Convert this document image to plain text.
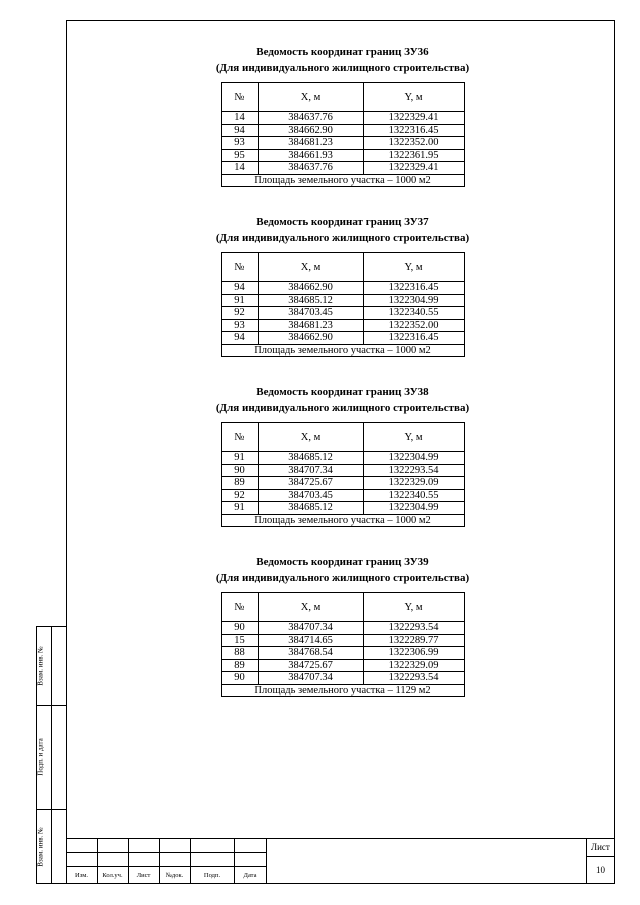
Взам. инв. №
Подп. и дата
Взам. инв. №
Ведомость координат границ ЗУ36
(Для индивидуального жилищного строительства)
№	X, м	Y, м
14	384637.76	1322329.41
94	384662.90	1322316.45
93	384681.23	1322352.00
95	384661.93	1322361.95
14	384637.76	1322329.41
Площадь земельного участка – 1000 м2		
Ведомость координат границ ЗУ37
(Для индивидуального жилищного строительства)
№	X, м	Y, м
94	384662.90	1322316.45
91	384685.12	1322304.99
92	384703.45	1322340.55
93	384681.23	1322352.00
94	384662.90	1322316.45
Площадь земельного участка – 1000 м2		
Ведомость координат границ ЗУ38
(Для индивидуального жилищного строительства)
№	X, м	Y, м
91	384685.12	1322304.99
90	384707.34	1322293.54
89	384725.67	1322329.09
92	384703.45	1322340.55
91	384685.12	1322304.99
Площадь земельного участка – 1000 м2		
Ведомость координат границ ЗУ39
(Для индивидуального жилищного строительства)
№	X, м	Y, м
90	384707.34	1322293.54
15	384714.65	1322289.77
88	384768.54	1322306.99
89	384725.67	1322329.09
90	384707.34	1322293.54
Площадь земельного участка – 1129 м2		
Изм.	Кол.уч.	Лист	№док.	Подп.	Дата
Лист
10
